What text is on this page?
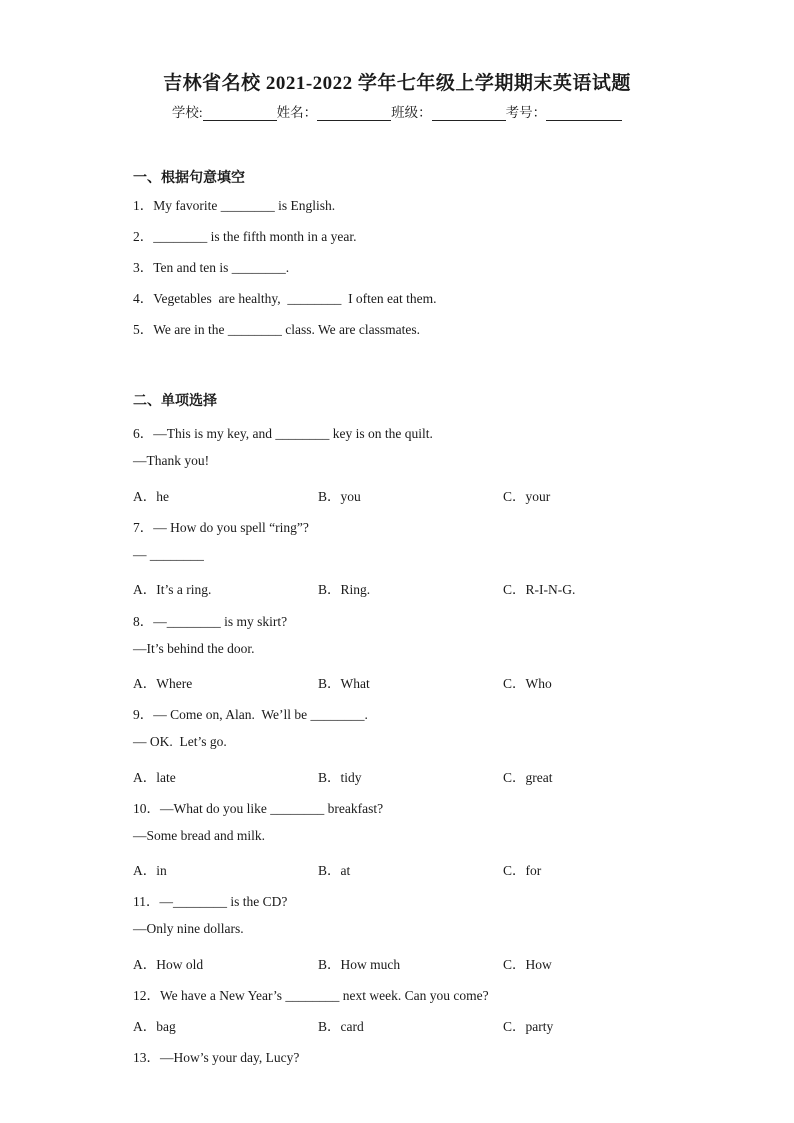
吉林省名校 2021-2022 学年七年级上学期期末英语试题
学校:	姓名：	班级：	考号：
一、根据句意填空
1．My favorite ________ is English.
2．________ is the fifth month in a year.
3．Ten and ten is ________.
4．Vegetables  are healthy,  ________  I often eat them.
5．We are in the ________ class. We are classmates.
二、单项选择
6．—This is my key, and ________ key is on the quilt.
—Thank you!
A．he	B．you	C．your
7．— How do you spell “ring”?
— ________
A．It’s a ring.	B．Ring.	C．R-I-N-G.
8．—________ is my skirt?
—It’s behind the door.
A．Where	B．What	C．Who
9．— Come on, Alan.  We’ll be ________.
— OK.  Let’s go.
A．late	B．tidy	C．great
10．—What do you like ________ breakfast?
—Some bread and milk.
A．in	B．at	C．for
11．—________ is the CD?
—Only nine dollars.
A．How old	B．How much	C．How
12．We have a New Year’s ________ next week. Can you come?
A．bag	B．card	C．party
13．—How’s your day, Lucy?
